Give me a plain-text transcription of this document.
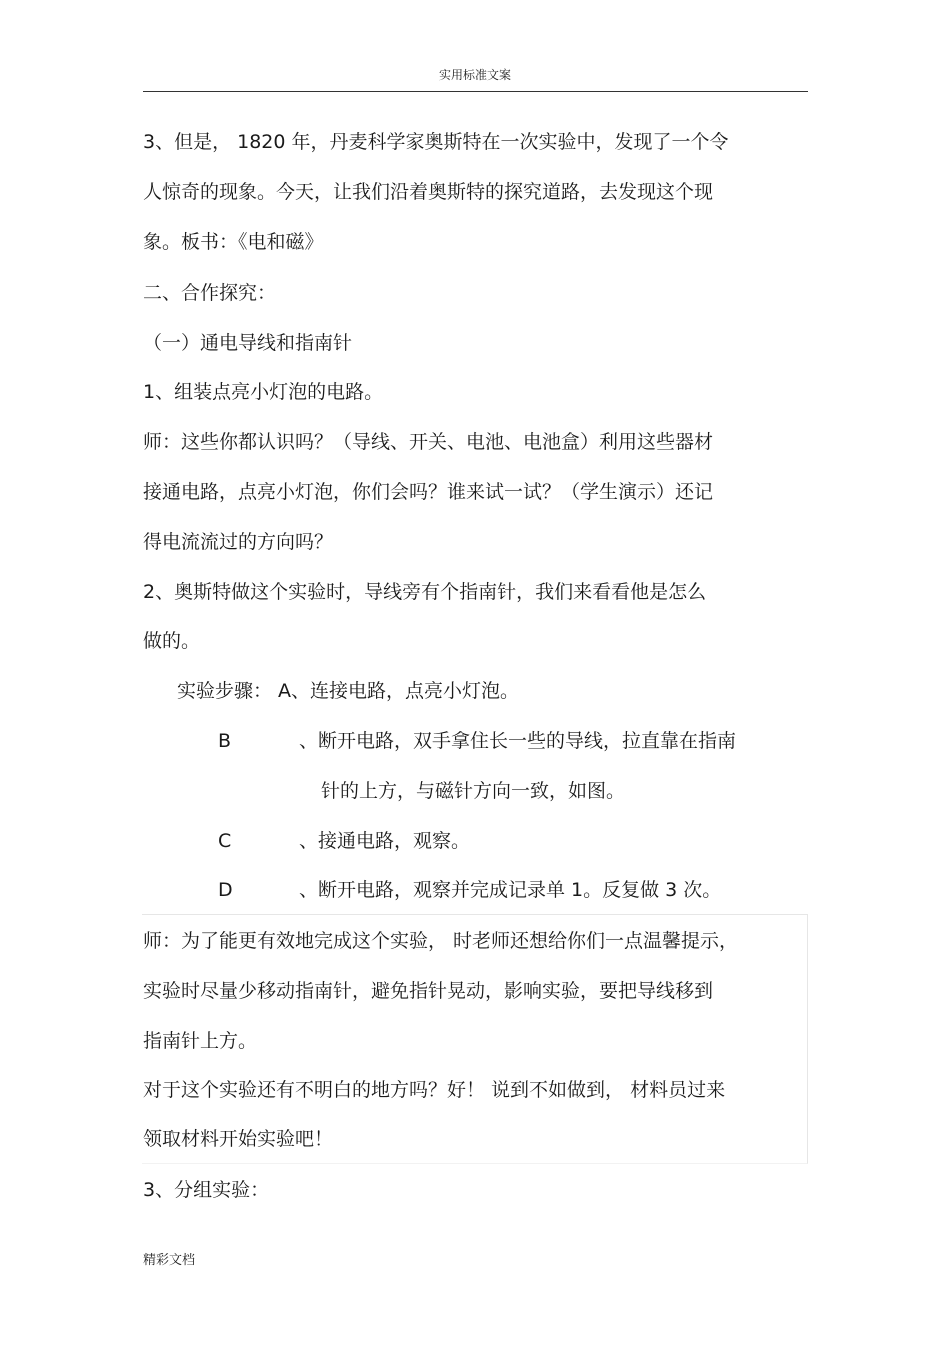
实用标准文案
3、但是， 1820 年，丹麦科学家奥斯特在一次实验中，发现了一个令
人惊奇的现象。今天，让我们沿着奥斯特的探究道路，去发现这个现
象。板书：《电和磁》
二、合作探究：
（一）通电导线和指南针
1、组装点亮小灯泡的电路。
师：这些你都认识吗？（导线、开关、电池、电池盒）利用这些器材
接通电路，点亮小灯泡，你们会吗？谁来试一试？（学生演示）还记
得电流流过的方向吗？
2、奥斯特做这个实验时，导线旁有个指南针，我们来看看他是怎么
做的。
实验步骤： A、连接电路，点亮小灯泡。
B	、断开电路，双手拿住长一些的导线，拉直靠在指南
针的上方，与磁针方向一致，如图。
C	、接通电路，观察。
D	、断开电路，观察并完成记录单 1。反复做 3 次。
师：为了能更有效地完成这个实验， 时老师还想给你们一点温馨提示，
实验时尽量少移动指南针，避免指针晃动，影响实验，要把导线移到
指南针上方。
对于这个实验还有不明白的地方吗？好！ 说到不如做到， 材料员过来
领取材料开始实验吧！
3、分组实验：
精彩文档
